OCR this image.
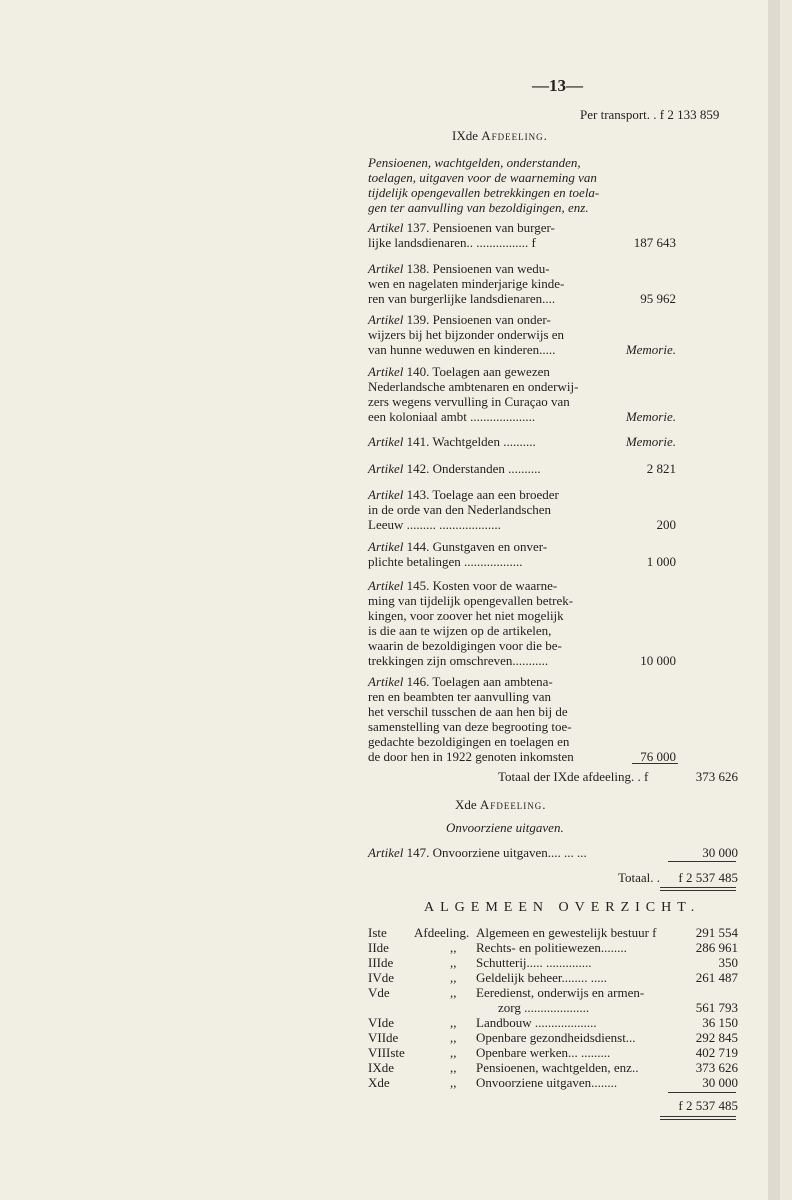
—13—
Per transport. . f 2 133 859
IXde Afdeeling.
Pensioenen, wachtgelden, onderstanden,
toelagen, uitgaven voor de waarneming van
tijdelijk opengevallen betrekkingen en toela-
gen ter aanvulling van bezoldigingen, enz.
Artikel 137. Pensioenen van burger-
lijke landsdienaren.. ................ f	187 643
Artikel 138. Pensioenen van wedu-
wen en nagelaten minderjarige kinde-
ren van burgerlijke landsdienaren....	95 962
Artikel 139. Pensioenen van onder-
wijzers bij het bijzonder onderwijs en
van hunne weduwen en kinderen.....	Memorie.
Artikel 140. Toelagen aan gewezen
Nederlandsche ambtenaren en onderwij-
zers wegens vervulling in Curaçao van
een koloniaal ambt ....................	Memorie.
Artikel 141. Wachtgelden ..........	Memorie.
Artikel 142. Onderstanden ..........	2 821
Artikel 143. Toelage aan een broeder
in de orde van den Nederlandschen
Leeuw ......... ...................	200
Artikel 144. Gunstgaven en onver-
plichte betalingen ..................	1 000
Artikel 145. Kosten voor de waarne-
ming van tijdelijk opengevallen betrek-
kingen, voor zoover het niet mogelijk
is die aan te wijzen op de artikelen,
waarin de bezoldigingen voor die be-
trekkingen zijn omschreven...........	10 000
Artikel 146. Toelagen aan ambtena-
ren en beambten ter aanvulling van
het verschil tusschen de aan hen bij de
samenstelling van deze begrooting toe-
gedachte bezoldigingen en toelagen en
de door hen in 1922 genoten inkomsten	76 000
Totaal der IXde afdeeling. . f	373 626
Xde Afdeeling.
Onvoorziene uitgaven.
Artikel 147. Onvoorziene uitgaven.... ... ...	30 000
Totaal. .	f 2 537 485
ALGEMEEN OVERZICHT.
Iste Afdeeling. Algemeen en gewestelijk bestuur f	291 554
IIde	,, Rechts- en politiewezen........	286 961
IIIde	,, Schutterij..... ..............	350
IVde	,, Geldelijk beheer........ .....	261 487
Vde	,, Eeredienst, onderwijs en armen-
zorg ....................	561 793
VIde	,, Landbouw ...................	36 150
VIIde	,, Openbare gezondheidsdienst...	292 845
VIIIste	,, Openbare werken... .........	402 719
IXde	,, Pensioenen, wachtgelden, enz..	373 626
Xde	,, Onvoorziene uitgaven........	30 000
f 2 537 485
